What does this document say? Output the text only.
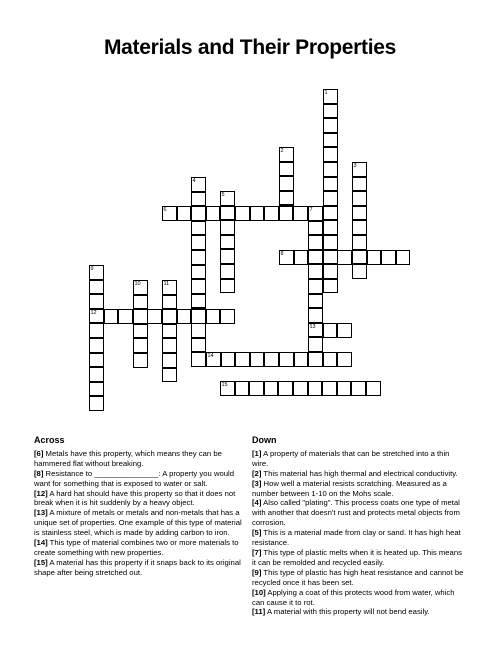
Materials and Their Properties
1
2
3
4
5
6	7
8
9
10	11
12
13
14
15
Across

[6] Metals have this property, which means they can be hammered flat without breaking.

[8] Resistance to _______________: A property you would want for something that is exposed to water or salt.

[12] A hard hat should have this property so that it does not break when it is hit suddenly by a heavy object.

[13] A mixture of metals or metals and non-metals that has a unique set of properties. One example of this type of material is stainless steel, which is made by adding carbon to iron.

[14] This type of material combines two or more materials to create something with new properties.

[15] A material has this property if it snaps back to its original shape after being stretched out.

Down

[1] A property of materials that can be stretched into a thin wire.

[2] This material has high thermal and electrical conductivity.

[3] How well a material resists scratching. Measured as a number between 1-10 on the Mohs scale.

[4] Also called "plating". This process coats one type of metal with another that doesn't rust and protects metal objects from corrosion.

[5] This is a material made from clay or sand. It has high heat resistance.

[7] This type of plastic melts when it is heated up. This means it can be remolded and recycled easily.

[9] This type of plastic has high heat resistance and cannot be recycled once it has been set.

[10] Applying a coat of this protects wood from water, which can cause it to rot.

[11] A material with this property will not bend easily.
